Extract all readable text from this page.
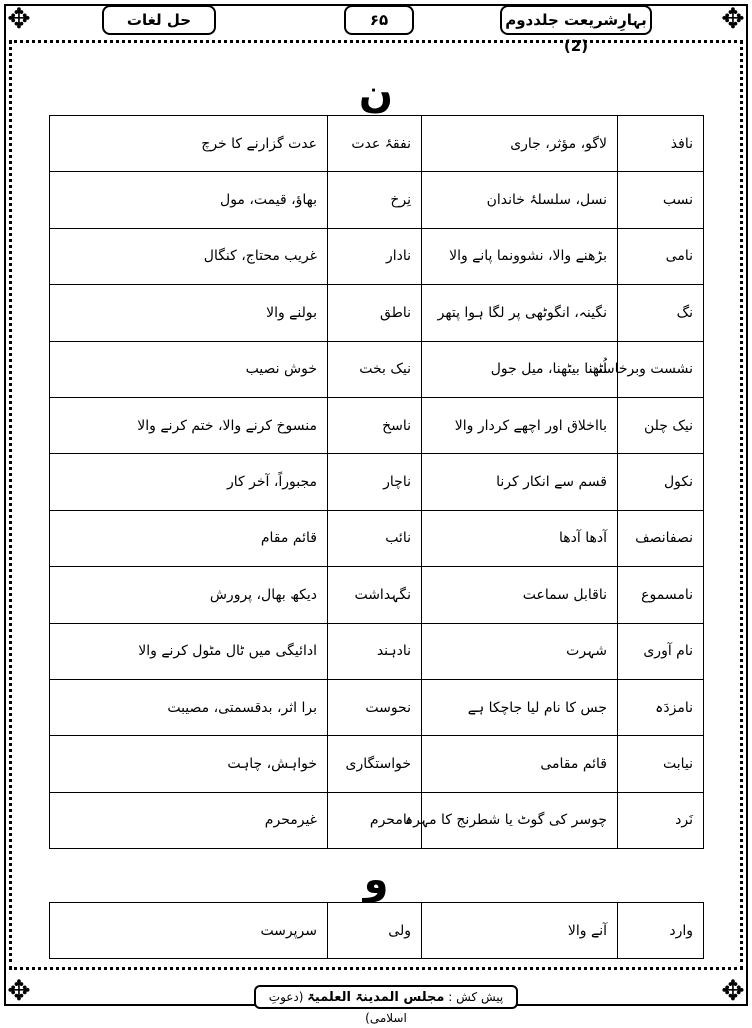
✥	✥
✥	✥
بہارِشریعت جلددوم (2)
۶۵
حل لغات
ن
نافذ	لاگو، مؤثر، جاری	نفقۂ عدت	عدت گزارنے کا خرچ
نسب	نسل، سلسلۂ خاندان	نِرخ	بھاؤ، قیمت، مول
نامی	بڑھنے والا، نشوونما پانے والا	نادار	غریب محتاج، کنگال
نگ	نگینہ، انگوٹھی پر لگا ہوا پتھر	ناطق	بولنے والا
نشست وبرخاست	اُٹھنا بیٹھنا، میل جول	نیک بخت	خوش نصیب
نیک چلن	بااخلاق اور اچھے کردار والا	ناسخ	منسوخ کرنے والا، ختم کرنے والا
نکول	قسم سے انکار کرنا	ناچار	مجبوراً، آخر کار
نصفانصف	آدھا آدھا	نائب	قائم مقام
نامسموع	ناقابل سماعت	نگہداشت	دیکھ بھال، پرورش
نام آوری	شہرت	نادہند	ادائیگی میں ٹال مٹول کرنے والا
نامزدَہ	جس کا نام لیا جاچکا ہے	نحوست	برا اثر، بدقسمتی، مصیبت
نیابت	قائم مقامی	خواستگاری	خواہش، چاہت
نَرد	چوسر کی گوٹ یا شطرنج کا مہرہ	نامحرم	غیرمحرم
و
وارد	آنے والا	ولی	سرپرست
پیش کش : مجلس المدینۃ العلمیۃ (دعوتِ اسلامی)
